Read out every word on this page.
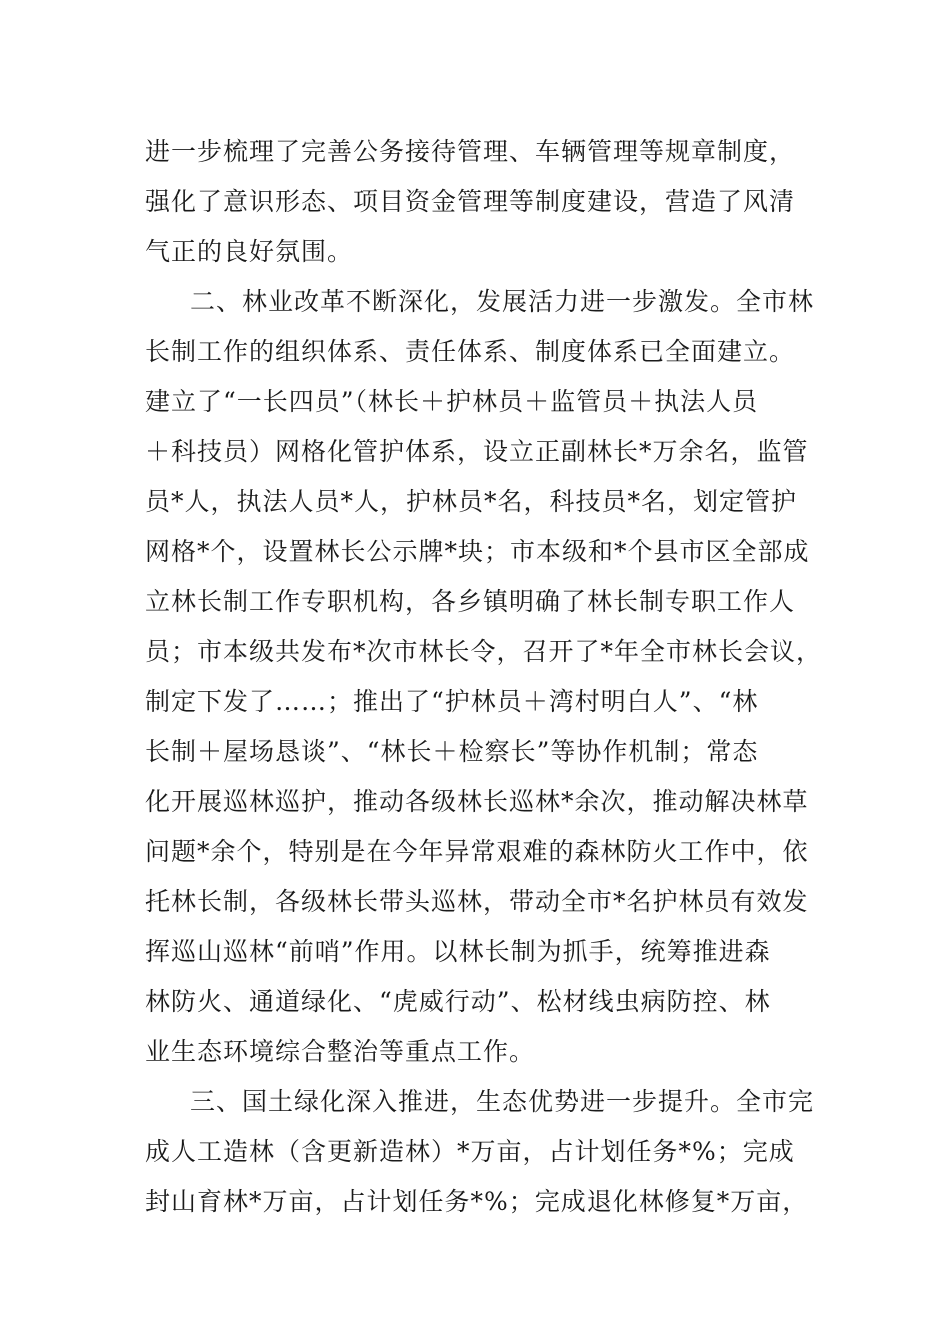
进一步梳理了完善公务接待管理、车辆管理等规章制度，
强化了意识形态、项目资金管理等制度建设，营造了风清
气正的良好氛围。
二、林业改革不断深化，发展活力进一步激发。全市林
长制工作的组织体系、责任体系、制度体系已全面建立。
建立了“一长四员”（林长＋护林员＋监管员＋执法人员
＋科技员）网格化管护体系，设立正副林长*万余名，监管
员*人，执法人员*人，护林员*名，科技员*名，划定管护
网格*个，设置林长公示牌*块；市本级和*个县市区全部成
立林长制工作专职机构，各乡镇明确了林长制专职工作人
员；市本级共发布*次市林长令，召开了*年全市林长会议，
制定下发了……；推出了“护林员＋湾村明白人”、“林
长制＋屋场恳谈”、“林长＋检察长”等协作机制；常态
化开展巡林巡护，推动各级林长巡林*余次，推动解决林草
问题*余个，特别是在今年异常艰难的森林防火工作中，依
托林长制，各级林长带头巡林，带动全市*名护林员有效发
挥巡山巡林“前哨”作用。以林长制为抓手，统筹推进森
林防火、通道绿化、“虎威行动”、松材线虫病防控、林
业生态环境综合整治等重点工作。
三、国土绿化深入推进，生态优势进一步提升。全市完
成人工造林（含更新造林）*万亩，占计划任务*%；完成
封山育林*万亩，占计划任务*%；完成退化林修复*万亩，
